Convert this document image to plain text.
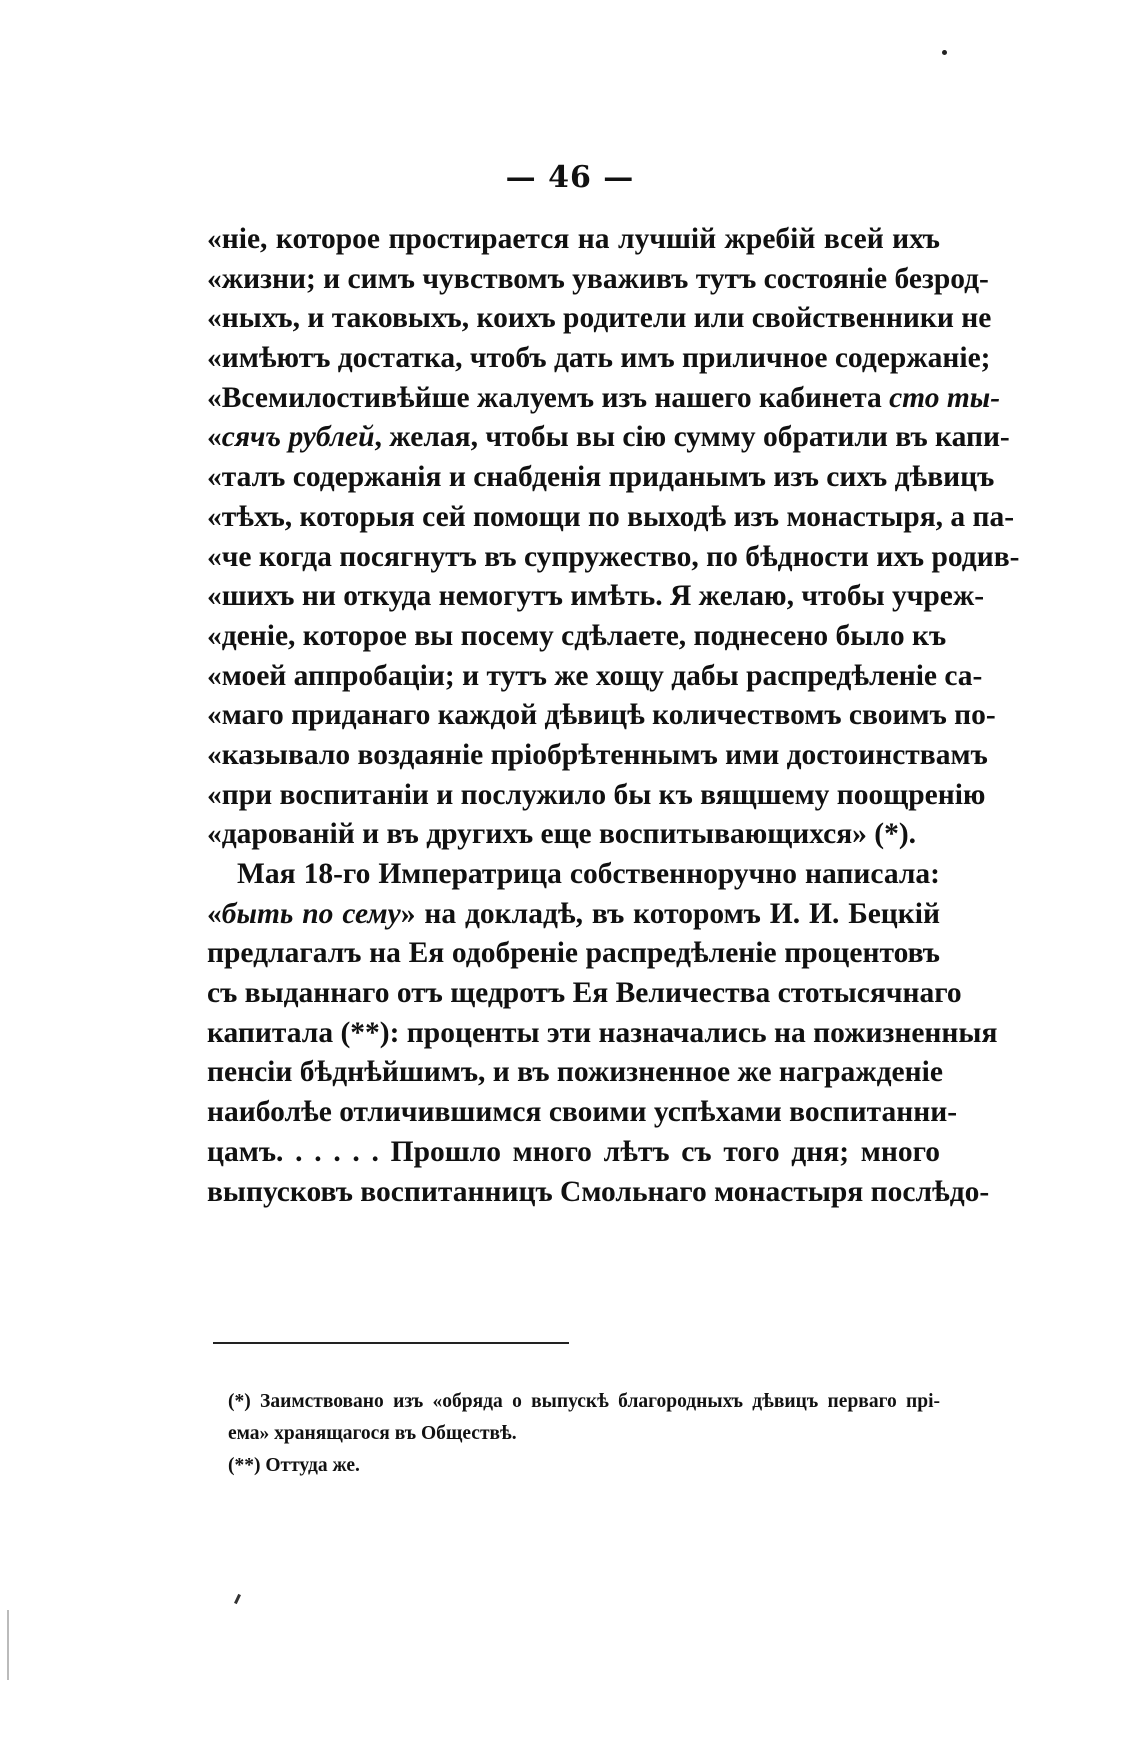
— 46 —
«ніе, которое простирается на лучшій жребій всей ихъ
«жизни; и симъ чувствомъ уваживъ тутъ состояніе безрод-
«ныхъ, и таковыхъ, коихъ родители или свойственники не
«имѣютъ достатка, чтобъ дать имъ приличное содержаніе;
«Всемилостивѣйше жалуемъ изъ нашего кабинета сто ты-
«сячъ рублей, желая, чтобы вы сію сумму обратили въ капи-
«талъ содержанія и снабденія приданымъ изъ сихъ дѣвицъ
«тѣхъ, которыя сей помощи по выходѣ изъ монастыря, а па-
«че когда посягнутъ въ супружество, по бѣдности ихъ родив-
«шихъ ни откуда немогутъ имѣть. Я желаю, чтобы учреж-
«деніе, которое вы посему сдѣлаете, поднесено было къ
«моей аппробаціи; и тутъ же хощу дабы распредѣленіе са-
«маго приданаго каждой дѣвицѣ количествомъ своимъ по-
«казывало воздаяніе пріобрѣтеннымъ ими достоинствамъ
«при воспитаніи и послужило бы къ вящшему поощренію
«дарованій и въ другихъ еще воспитывающихся» (*).
Мая 18-го Императрица собственноручно написала:
«быть по сему» на докладѣ, въ которомъ И. И. Бецкій
предлагалъ на Ея одобреніе распредѣленіе процентовъ
съ выданнаго отъ щедротъ Ея Величества стотысячнаго
капитала (**): проценты эти назначались на пожизненныя
пенсіи бѣднѣйшимъ, и въ пожизненное же награжденіе
наиболѣе отличившимся своими успѣхами воспитанни-
цамъ. . . . . . Прошло много лѣтъ съ того дня; много
выпусковъ воспитанницъ Смольнаго монастыря послѣдо-
(*) Заимствовано изъ «обряда о выпускѣ благородныхъ дѣвицъ перваго прі-
ема» хранящагося въ Обществѣ.
(**) Оттуда же.
